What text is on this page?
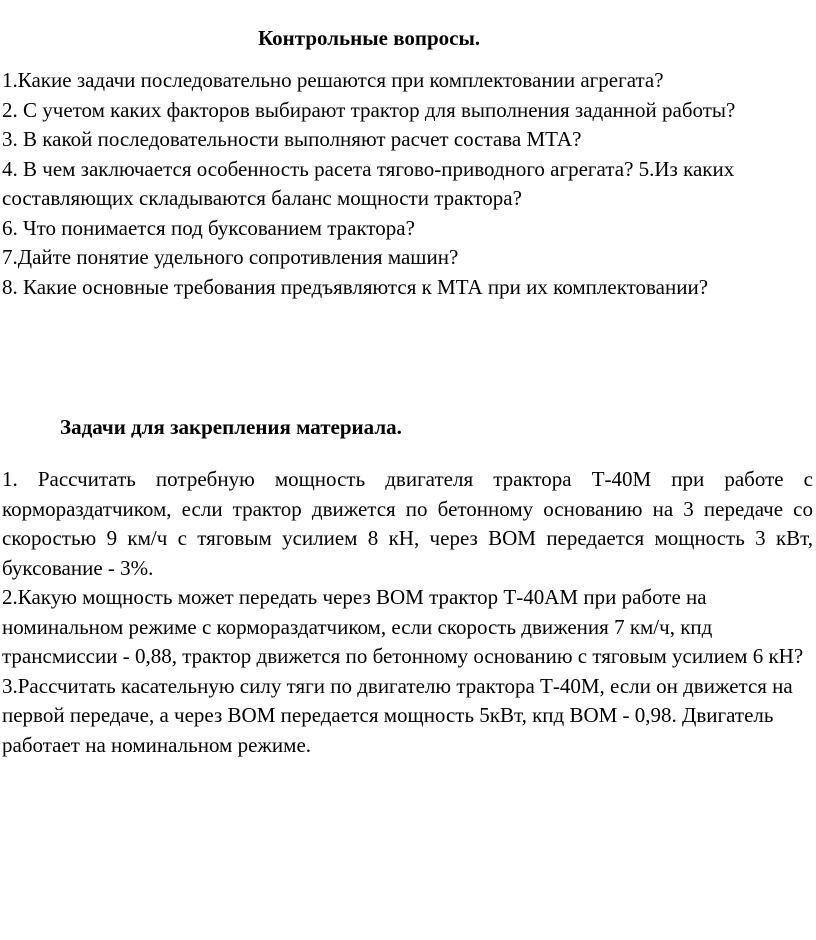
Контрольные вопросы.

1.Какие задачи последовательно решаются при комплектовании агрегата?

2. С учетом каких факторов выбирают трактор для выполнения заданной работы?

3. В какой последовательности выполняют расчет состава МТА?

4. В чем заключается особенность расета тягово-приводного агрегата? 5.Из каких составляющих складываются баланс мощности трактора?

6. Что понимается под буксованием трактора?

7.Дайте понятие удельного сопротивления машин?

8. Какие основные требования предъявляются к МТА при их комплектовании?

Задачи для закрепления материала.

1. Рассчитать потребную мощность двигателя трактора Т-40М при работе с кормораздатчиком, если трактор движется по бетонному основанию на 3 передаче со скоростью 9 км/ч с тяговым усилием 8 кН, через ВОМ передается мощность 3 кВт, буксование - 3%.

2.Какую мощность может передать через ВОМ трактор Т-40АМ при работе на номинальном режиме с кормораздатчиком, если скорость движения 7 км/ч, кпд трансмиссии - 0,88, трактор движется по бетонному основанию с тяговым усилием 6 кН?

3.Рассчитать касательную силу тяги по двигателю трактора Т-40М, если он движется на первой передаче, а через ВОМ передается мощность 5кВт, кпд ВОМ - 0,98. Двигатель работает на номинальном режиме.
